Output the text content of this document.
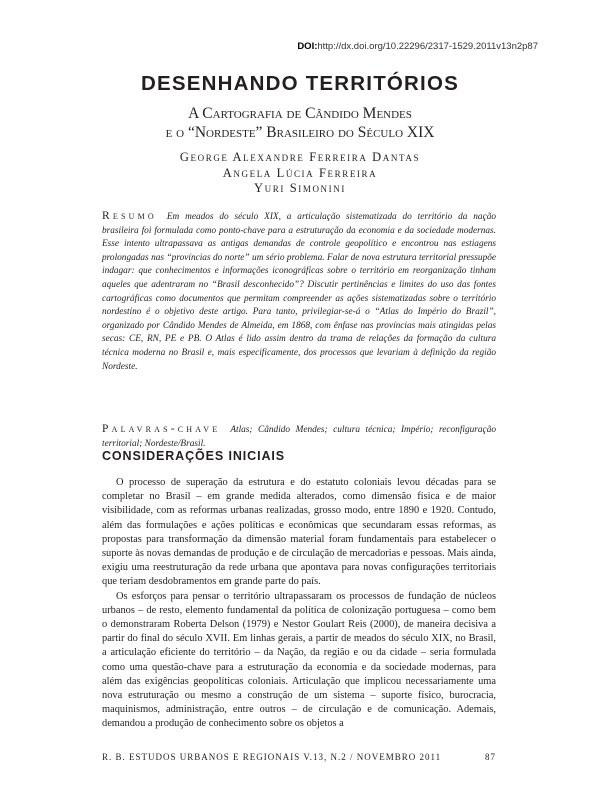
DOI:http://dx.doi.org/10.22296/2317-1529.2011v13n2p87
DESENHANDO TERRITÓRIOS
A Cartografia de Cândido Mendes
e o “Nordeste” Brasileiro do Século XIX
George Alexandre Ferreira Dantas
Angela Lúcia Ferreira
Yuri Simonini
Resumo Em meados do século XIX, a articulação sistematizada do território da nação brasileira foi formulada como ponto-chave para a estruturação da economia e da sociedade modernas. Esse intento ultrapassava as antigas demandas de controle geopolítico e encontrou nas estiagens prolongadas nas “províncias do norte” um sério problema. Falar de nova estrutura territorial pressupõe indagar: que conhecimentos e informações iconográficas sobre o território em reorganização tinham aqueles que adentraram no “Brasil desconhecido”? Discutir pertinências e limites do uso das fontes cartográficas como documentos que permitam compreender as ações sistematizadas sobre o território nordestino é o objetivo deste artigo. Para tanto, privilegiar-se-á o “Atlas do Império do Brazil”, organizado por Cândido Mendes de Almeida, em 1868, com ênfase nas províncias mais atingidas pelas secas: CE, RN, PE e PB. O Atlas é lido assim dentro da trama de relações da formação da cultura técnica moderna no Brasil e, mais especificamente, dos processos que levariam à definição da região Nordeste.
Palavras-chave Atlas; Cândido Mendes; cultura técnica; Império; reconfiguração territorial; Nordeste/Brasil.
CONSIDERAÇÕES INICIAIS

O processo de superação da estrutura e do estatuto coloniais levou décadas para se completar no Brasil – em grande medida alterados, como dimensão física e de maior visibilidade, com as reformas urbanas realizadas, grosso modo, entre 1890 e 1920. Contudo, além das formulações e ações políticas e econômicas que secundaram essas reformas, as propostas para transformação da dimensão material foram fundamentais para estabelecer o suporte às novas demandas de produção e de circulação de mercadorias e pessoas. Mais ainda, exigiu uma reestruturação da rede urbana que apontava para novas configurações territoriais que teriam desdobramentos em grande parte do país.

Os esforços para pensar o território ultrapassaram os processos de fundação de núcleos urbanos – de resto, elemento fundamental da política de colonização portuguesa – como bem o demonstraram Roberta Delson (1979) e Nestor Goulart Reis (2000), de maneira decisiva a partir do final do século XVII. Em linhas gerais, a partir de meados do século XIX, no Brasil, a articulação eficiente do território – da Nação, da região e ou da cidade – seria formulada como uma questão-chave para a estruturação da economia e da sociedade modernas, para além das exigências geopolíticas coloniais. Articulação que implicou necessariamente uma nova estruturação ou mesmo a construção de um sistema – suporte físico, burocracia, maquinismos, administração, entre outros – de circulação e de comunicação. Ademais, demandou a produção de conhecimento sobre os objetos a

R. B. ESTUDOS URBANOS E REGIONAIS V.13, N.2 / NOVEMBRO 2011	87
